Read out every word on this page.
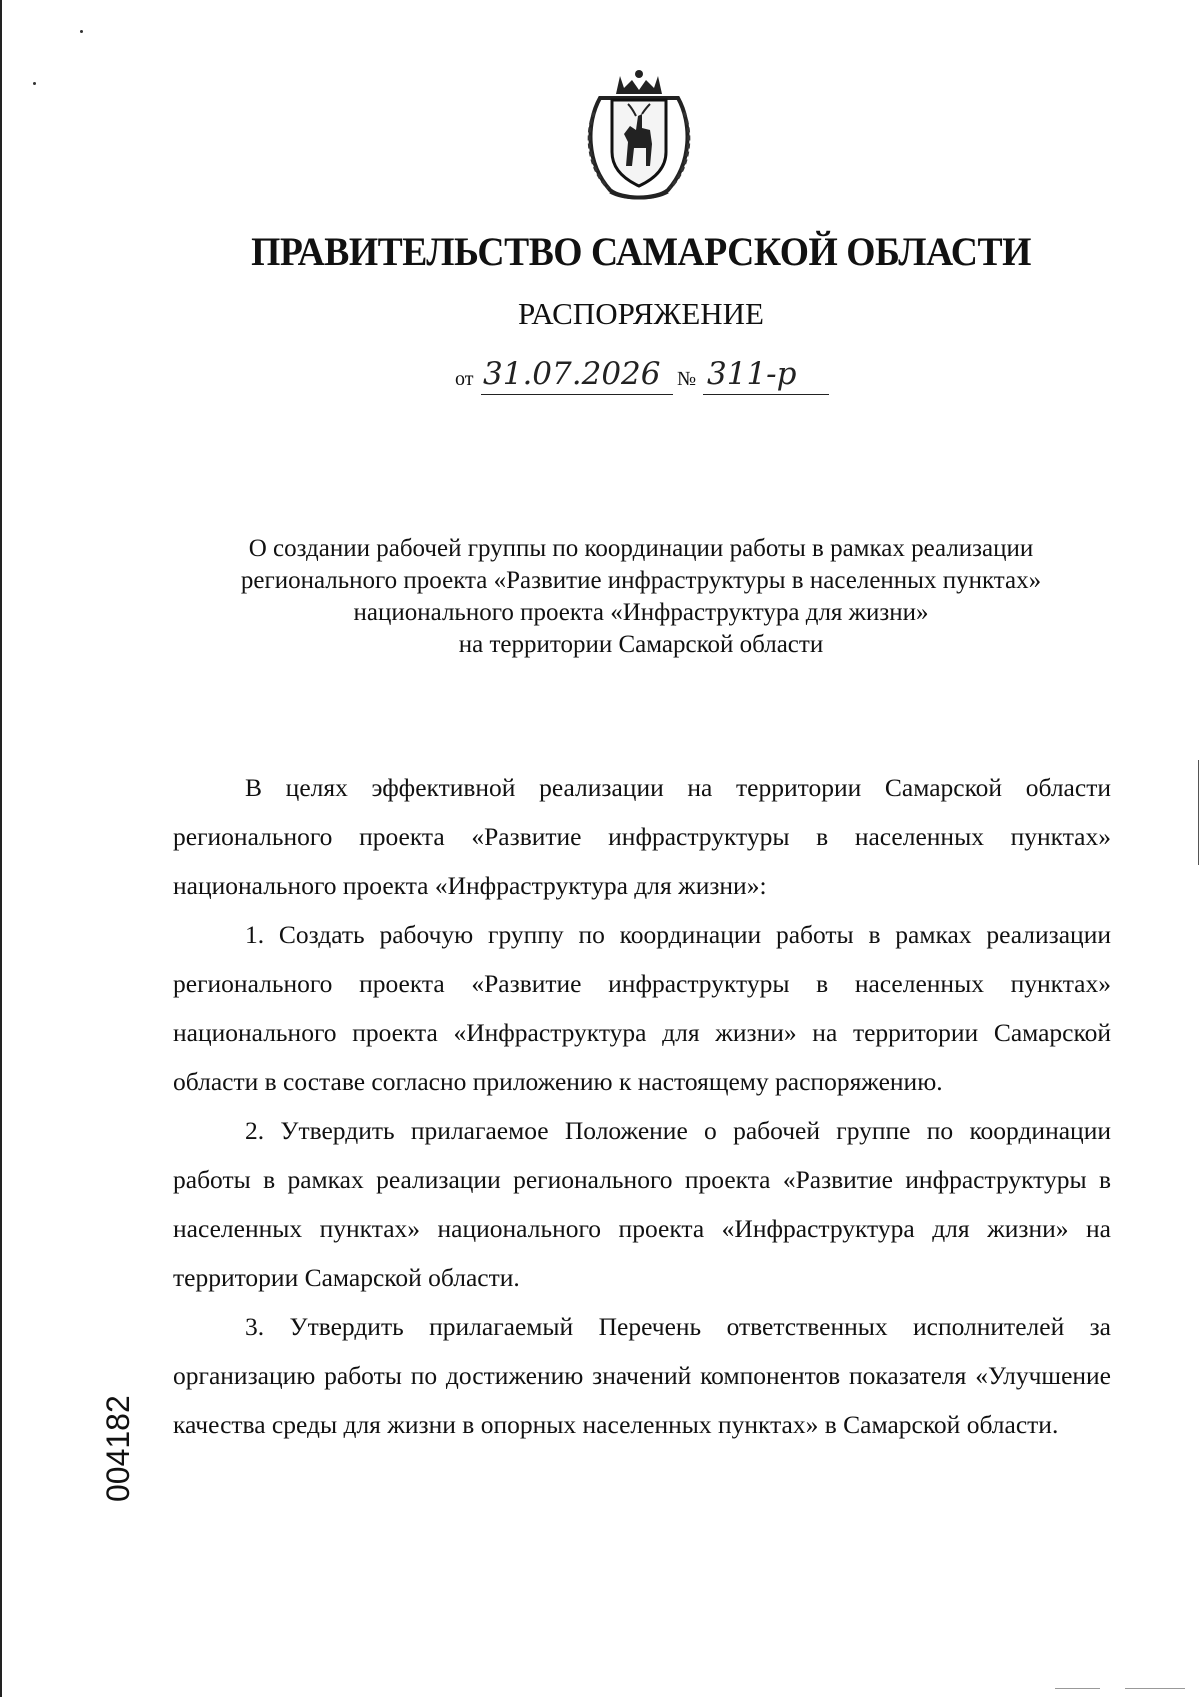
ПРАВИТЕЛЬСТВО САМАРСКОЙ ОБЛАСТИ
РАСПОРЯЖЕНИЕ
от 31.07.2026 № 311-р
О создании рабочей группы по координации работы в рамках реализации
регионального проекта «Развитие инфраструктуры в населенных пунктах»
национального проекта «Инфраструктура для жизни»
на территории Самарской области

В целях эффективной реализации на территории Самарской области регионального проекта «Развитие инфраструктуры в населенных пунктах» национального проекта «Инфраструктура для жизни»:

1. Создать рабочую группу по координации работы в рамках реализации регионального проекта «Развитие инфраструктуры в населенных пунктах» национального проекта «Инфраструктура для жизни» на территории Самарской области в составе согласно приложению к настоящему распоряжению.

2. Утвердить прилагаемое Положение о рабочей группе по координации работы в рамках реализации регионального проекта «Развитие инфраструктуры в населенных пунктах» национального проекта «Инфраструктура для жизни» на территории Самарской области.

3. Утвердить прилагаемый Перечень ответственных исполнителей за организацию работы по достижению значений компонентов показателя «Улучшение качества среды для жизни в опорных населенных пунктах» в Самарской области.

004182
